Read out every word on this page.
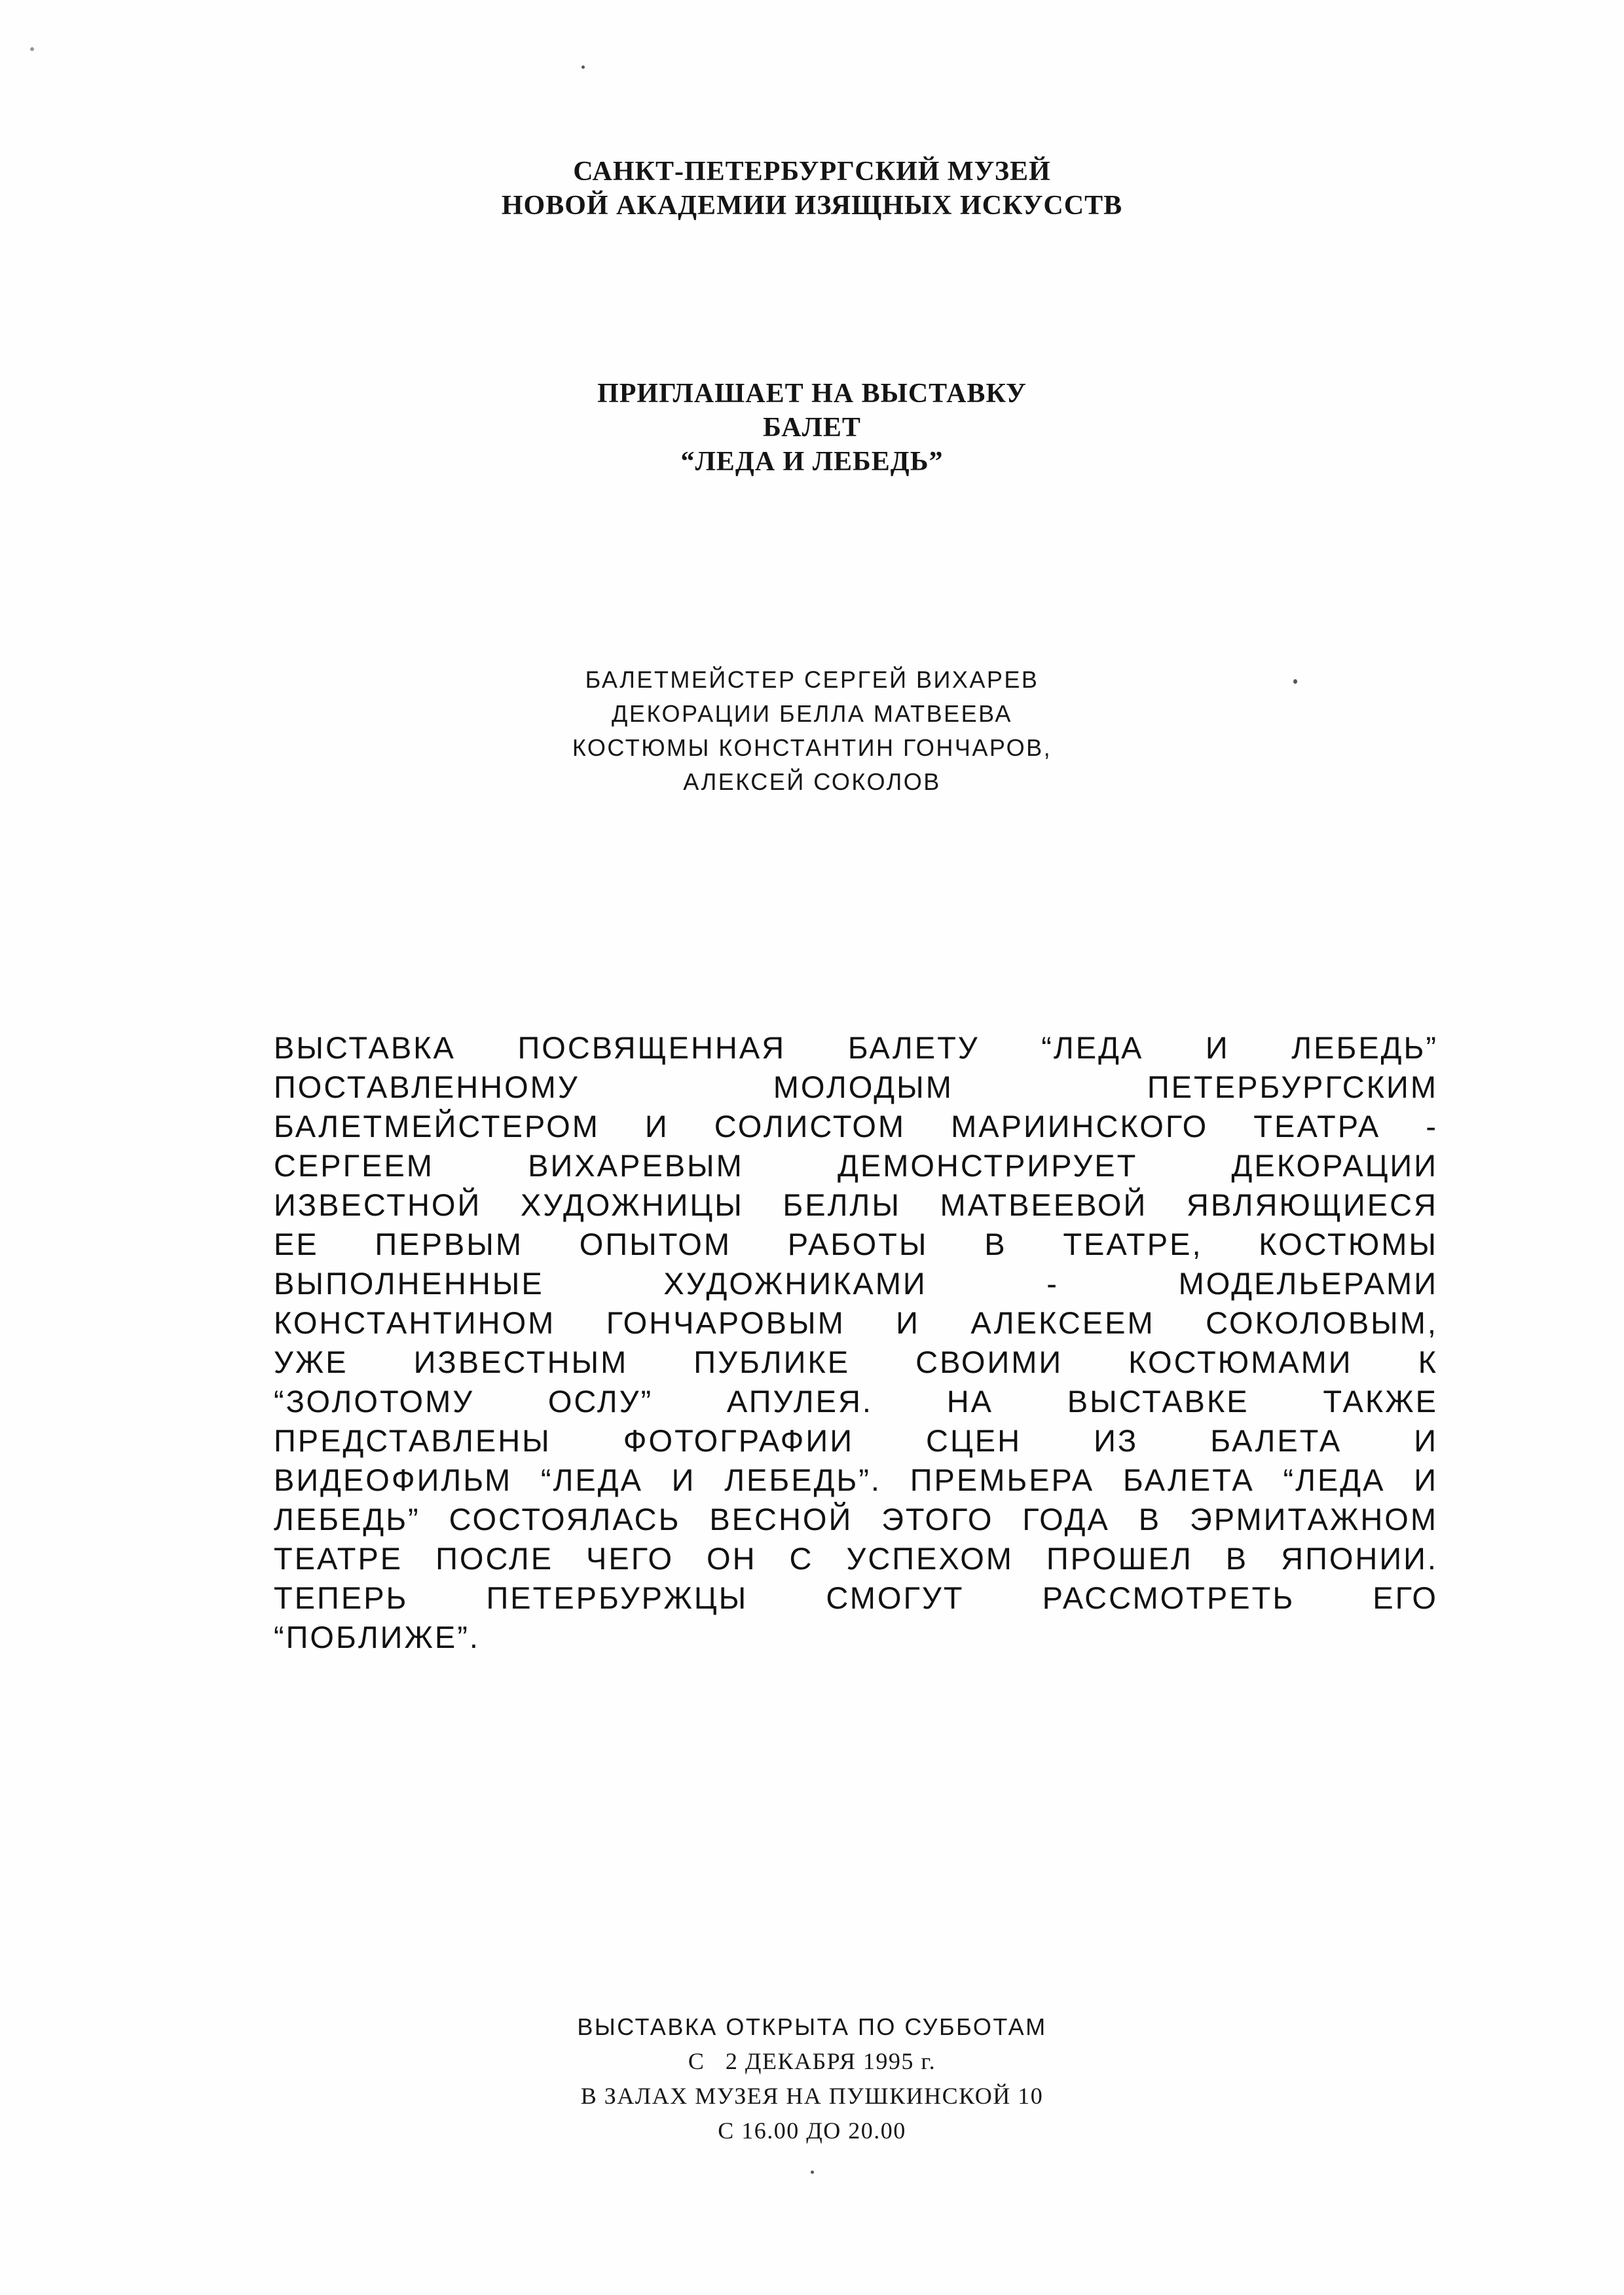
САНКТ-ПЕТЕРБУРГСКИЙ МУЗЕЙ
НОВОЙ АКАДЕМИИ ИЗЯЩНЫХ ИСКУССТВ
ПРИГЛАШАЕТ НА ВЫСТАВКУ
БАЛЕТ
“ЛЕДА И ЛЕБЕДЬ”
БАЛЕТМЕЙСТЕР СЕРГЕЙ ВИХАРЕВ
ДЕКОРАЦИИ БЕЛЛА МАТВЕЕВА
КОСТЮМЫ КОНСТАНТИН ГОНЧАРОВ,
АЛЕКСЕЙ СОКОЛОВ
ВЫСТАВКА ПОСВЯЩЕННАЯ БАЛЕТУ “ЛЕДА И ЛЕБЕДЬ”
ПОСТАВЛЕННОМУ МОЛОДЫМ ПЕТЕРБУРГСКИМ
БАЛЕТМЕЙСТЕРОМ И СОЛИСТОМ МАРИИНСКОГО ТЕАТРА -
СЕРГЕЕМ ВИХАРЕВЫМ ДЕМОНСТРИРУЕТ ДЕКОРАЦИИ
ИЗВЕСТНОЙ ХУДОЖНИЦЫ БЕЛЛЫ МАТВЕЕВОЙ ЯВЛЯЮЩИЕСЯ
ЕЕ ПЕРВЫМ ОПЫТОМ РАБОТЫ В ТЕАТРЕ, КОСТЮМЫ
ВЫПОЛНЕННЫЕ ХУДОЖНИКАМИ - МОДЕЛЬЕРАМИ
КОНСТАНТИНОМ ГОНЧАРОВЫМ И АЛЕКСЕЕМ СОКОЛОВЫМ,
УЖЕ ИЗВЕСТНЫМ ПУБЛИКЕ СВОИМИ КОСТЮМАМИ К
“ЗОЛОТОМУ ОСЛУ” АПУЛЕЯ. НА ВЫСТАВКЕ ТАКЖЕ
ПРЕДСТАВЛЕНЫ ФОТОГРАФИИ СЦЕН ИЗ БАЛЕТА И
ВИДЕОФИЛЬМ “ЛЕДА И ЛЕБЕДЬ”. ПРЕМЬЕРА БАЛЕТА “ЛЕДА И
ЛЕБЕДЬ” СОСТОЯЛАСЬ ВЕСНОЙ ЭТОГО ГОДА В ЭРМИТАЖНОМ
ТЕАТРЕ ПОСЛЕ ЧЕГО ОН С УСПЕХОМ ПРОШЕЛ В ЯПОНИИ.
ТЕПЕРЬ ПЕТЕРБУРЖЦЫ СМОГУТ РАССМОТРЕТЬ ЕГО
“ПОБЛИЖЕ”.
ВЫСТАВКА ОТКРЫТА ПО СУББОТАМ
С 2 ДЕКАБРЯ 1995 г.
В ЗАЛАХ МУЗЕЯ НА ПУШКИНСКОЙ 10
С 16.00 ДО 20.00
